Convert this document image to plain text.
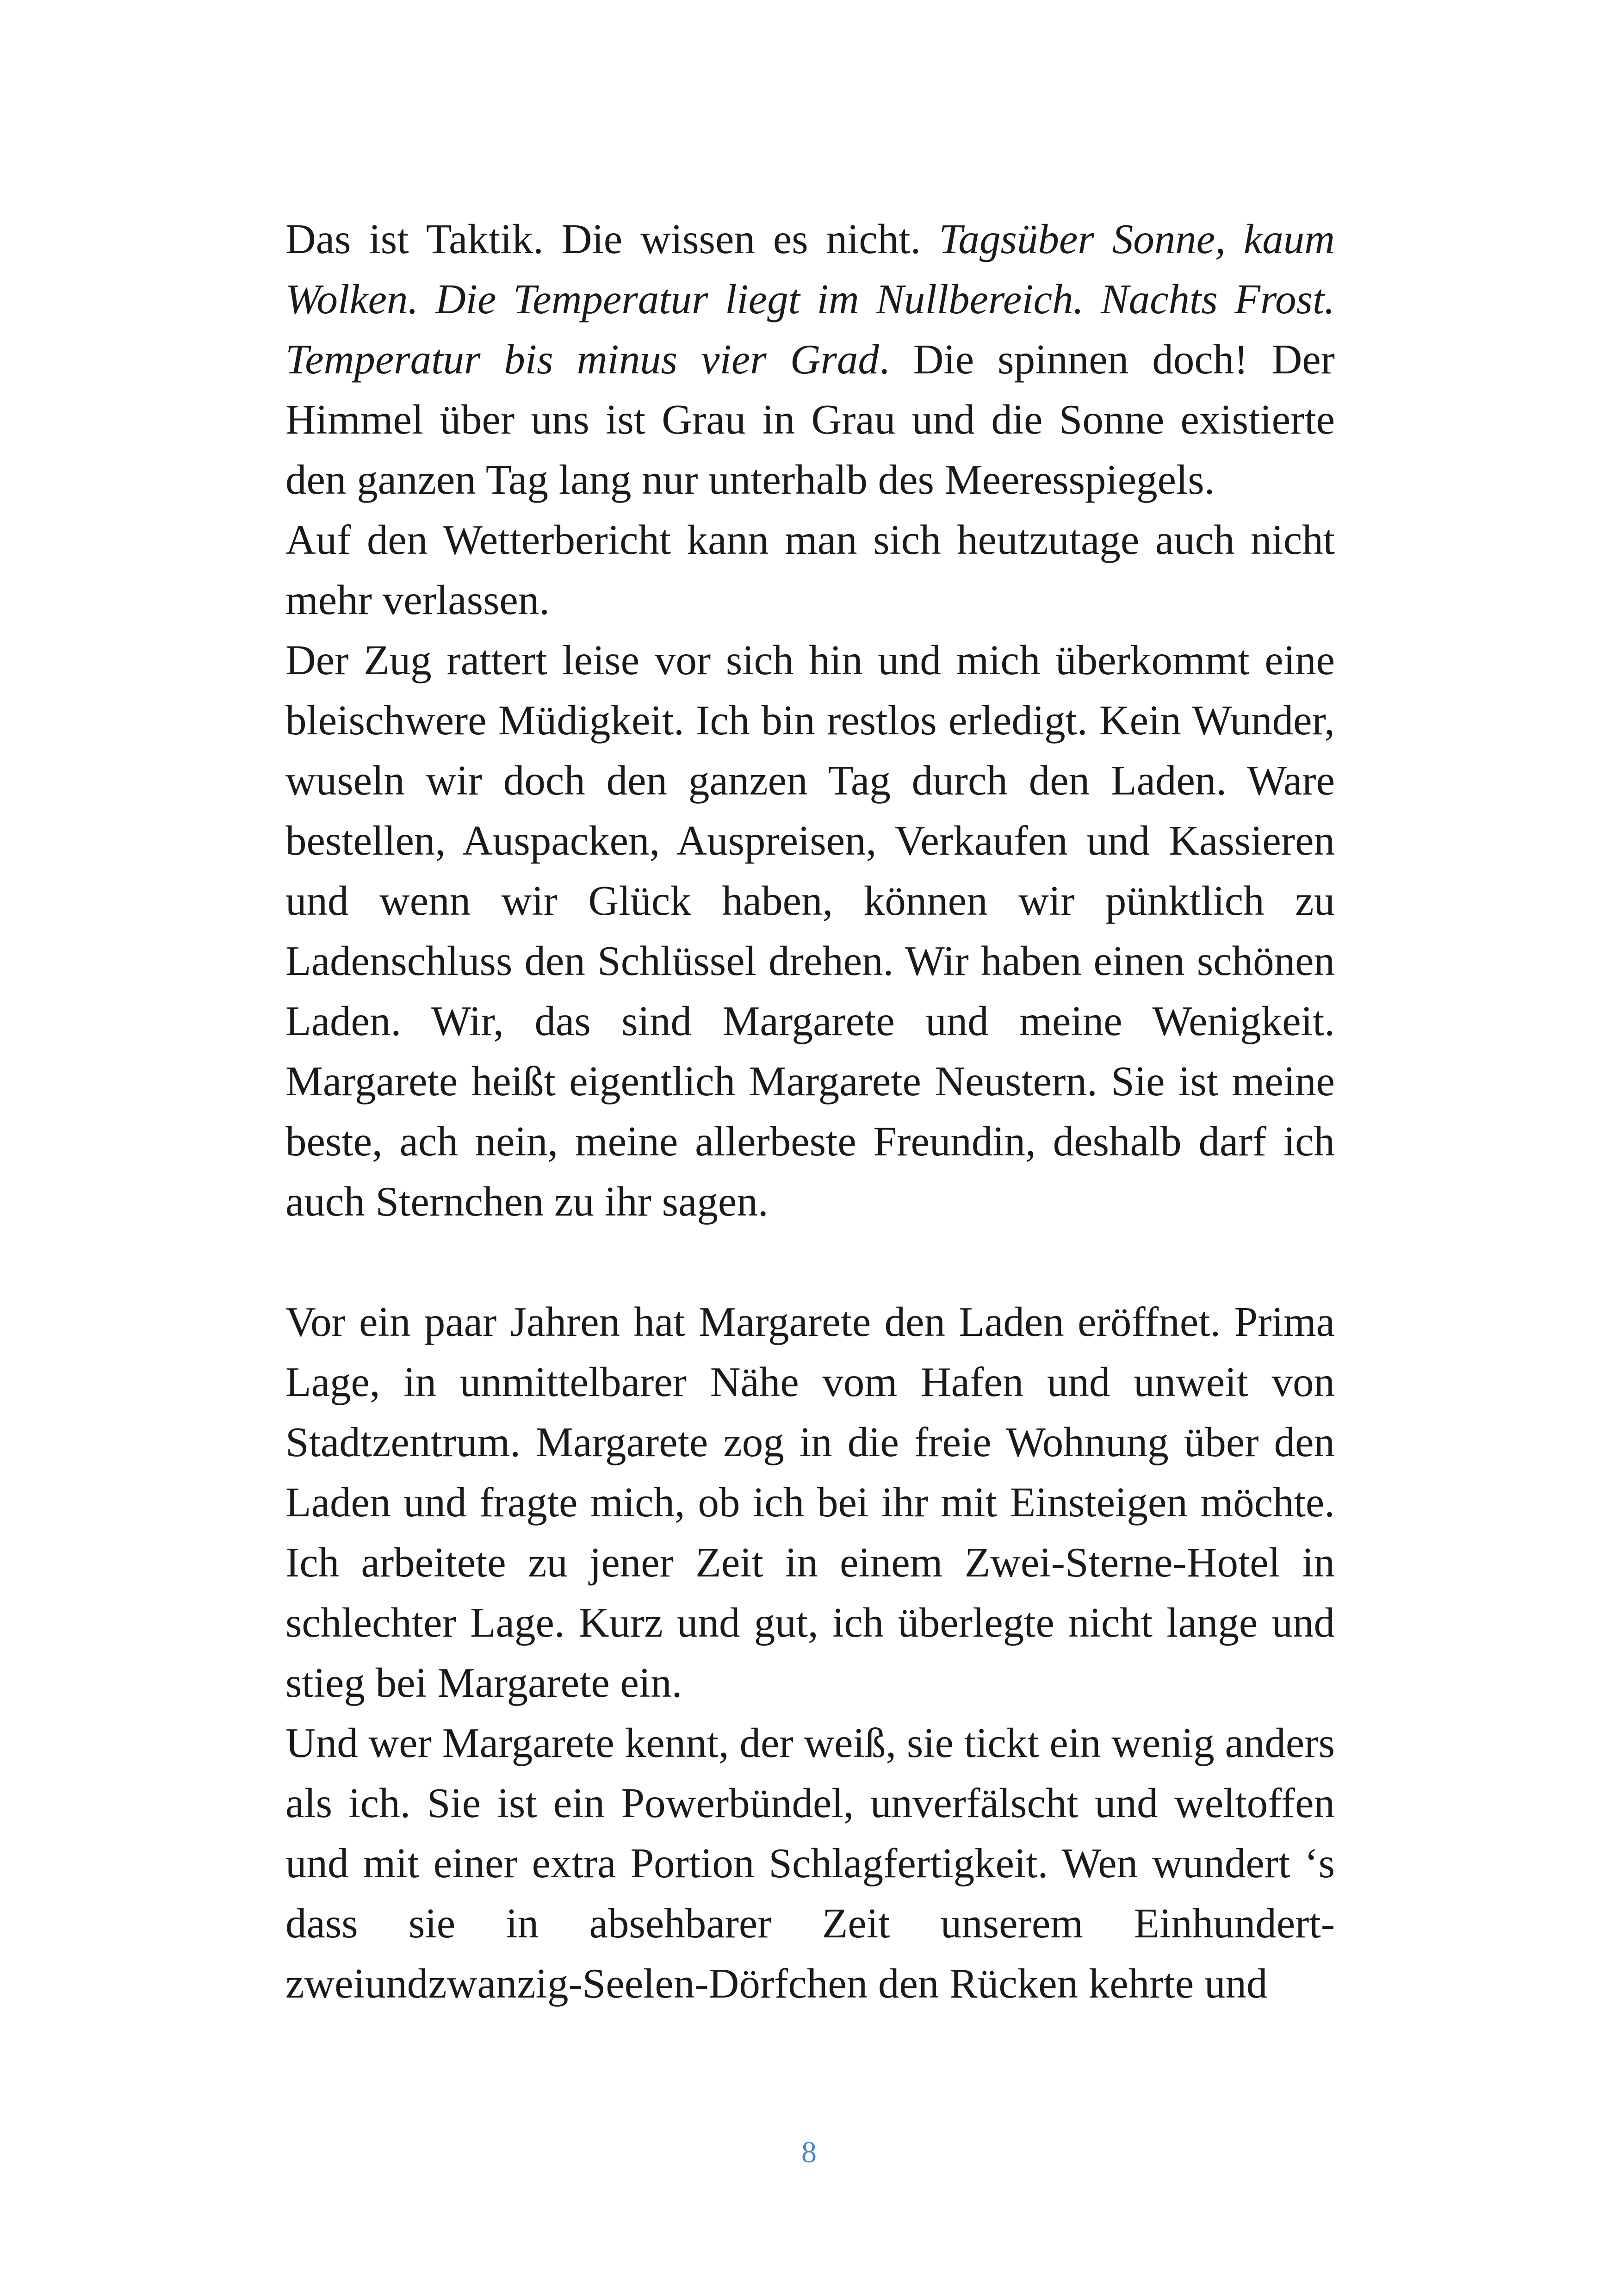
Das ist Taktik. Die wissen es nicht. Tagsüber Sonne, kaum Wolken. Die Temperatur liegt im Nullbereich. Nachts Frost. Temperatur bis minus vier Grad. Die spinnen doch! Der Himmel über uns ist Grau in Grau und die Sonne existierte den ganzen Tag lang nur unterhalb des Meeresspiegels.

Auf den Wetterbericht kann man sich heutzutage auch nicht mehr verlassen.

Der Zug rattert leise vor sich hin und mich überkommt eine bleischwere Müdigkeit. Ich bin restlos erledigt. Kein Wunder, wuseln wir doch den ganzen Tag durch den Laden. Ware bestellen, Auspacken, Auspreisen, Verkaufen und Kassieren und wenn wir Glück haben, können wir pünktlich zu Ladenschluss den Schlüssel drehen. Wir haben einen schönen Laden. Wir, das sind Margarete und meine Wenigkeit. Margarete heißt eigentlich Margarete Neustern. Sie ist meine beste, ach nein, meine allerbeste Freundin, deshalb darf ich auch Sternchen zu ihr sagen.

Vor ein paar Jahren hat Margarete den Laden eröffnet. Prima Lage, in unmittelbarer Nähe vom Hafen und unweit von Stadtzentrum. Margarete zog in die freie Wohnung über den Laden und fragte mich, ob ich bei ihr mit Einsteigen möchte. Ich arbeitete zu jener Zeit in einem Zwei-Sterne-Hotel in schlechter Lage. Kurz und gut, ich überlegte nicht lange und stieg bei Margarete ein.

Und wer Margarete kennt, der weiß, sie tickt ein wenig anders als ich. Sie ist ein Powerbündel, unverfälscht und weltoffen und mit einer extra Portion Schlagfertigkeit. Wen wundert ‘s dass sie in absehbarer Zeit unserem Einhundertzweiundzwanzig-Seelen-Dörfchen den Rücken kehrte und

8
